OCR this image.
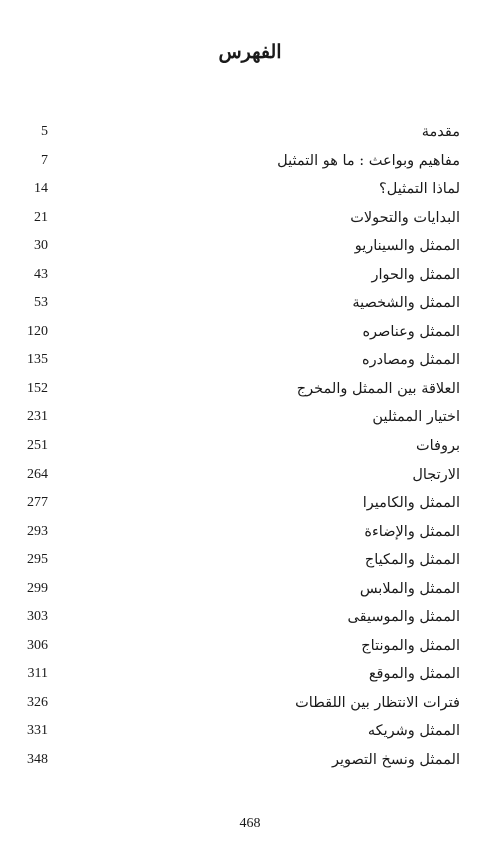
الفهرس
مقدمة
5
مفاهيم وبواعث : ما هو التمثيل
7
لماذا التمثيل؟
14
البدايات والتحولات
21
الممثل والسيناريو
30
الممثل والحوار
43
الممثل والشخصية
53
الممثل وعناصره
120
الممثل ومصادره
135
العلاقة بين الممثل والمخرج
152
اختيار الممثلين
231
بروفات
251
الارتجال
264
الممثل والكاميرا
277
الممثل والإضاءة
293
الممثل والمكياج
295
الممثل والملابس
299
الممثل والموسيقى
303
الممثل والمونتاج
306
الممثل والموقع
311
فترات الانتظار بين اللقطات
326
الممثل وشريكه
331
الممثل ونسخ التصوير
348
468
